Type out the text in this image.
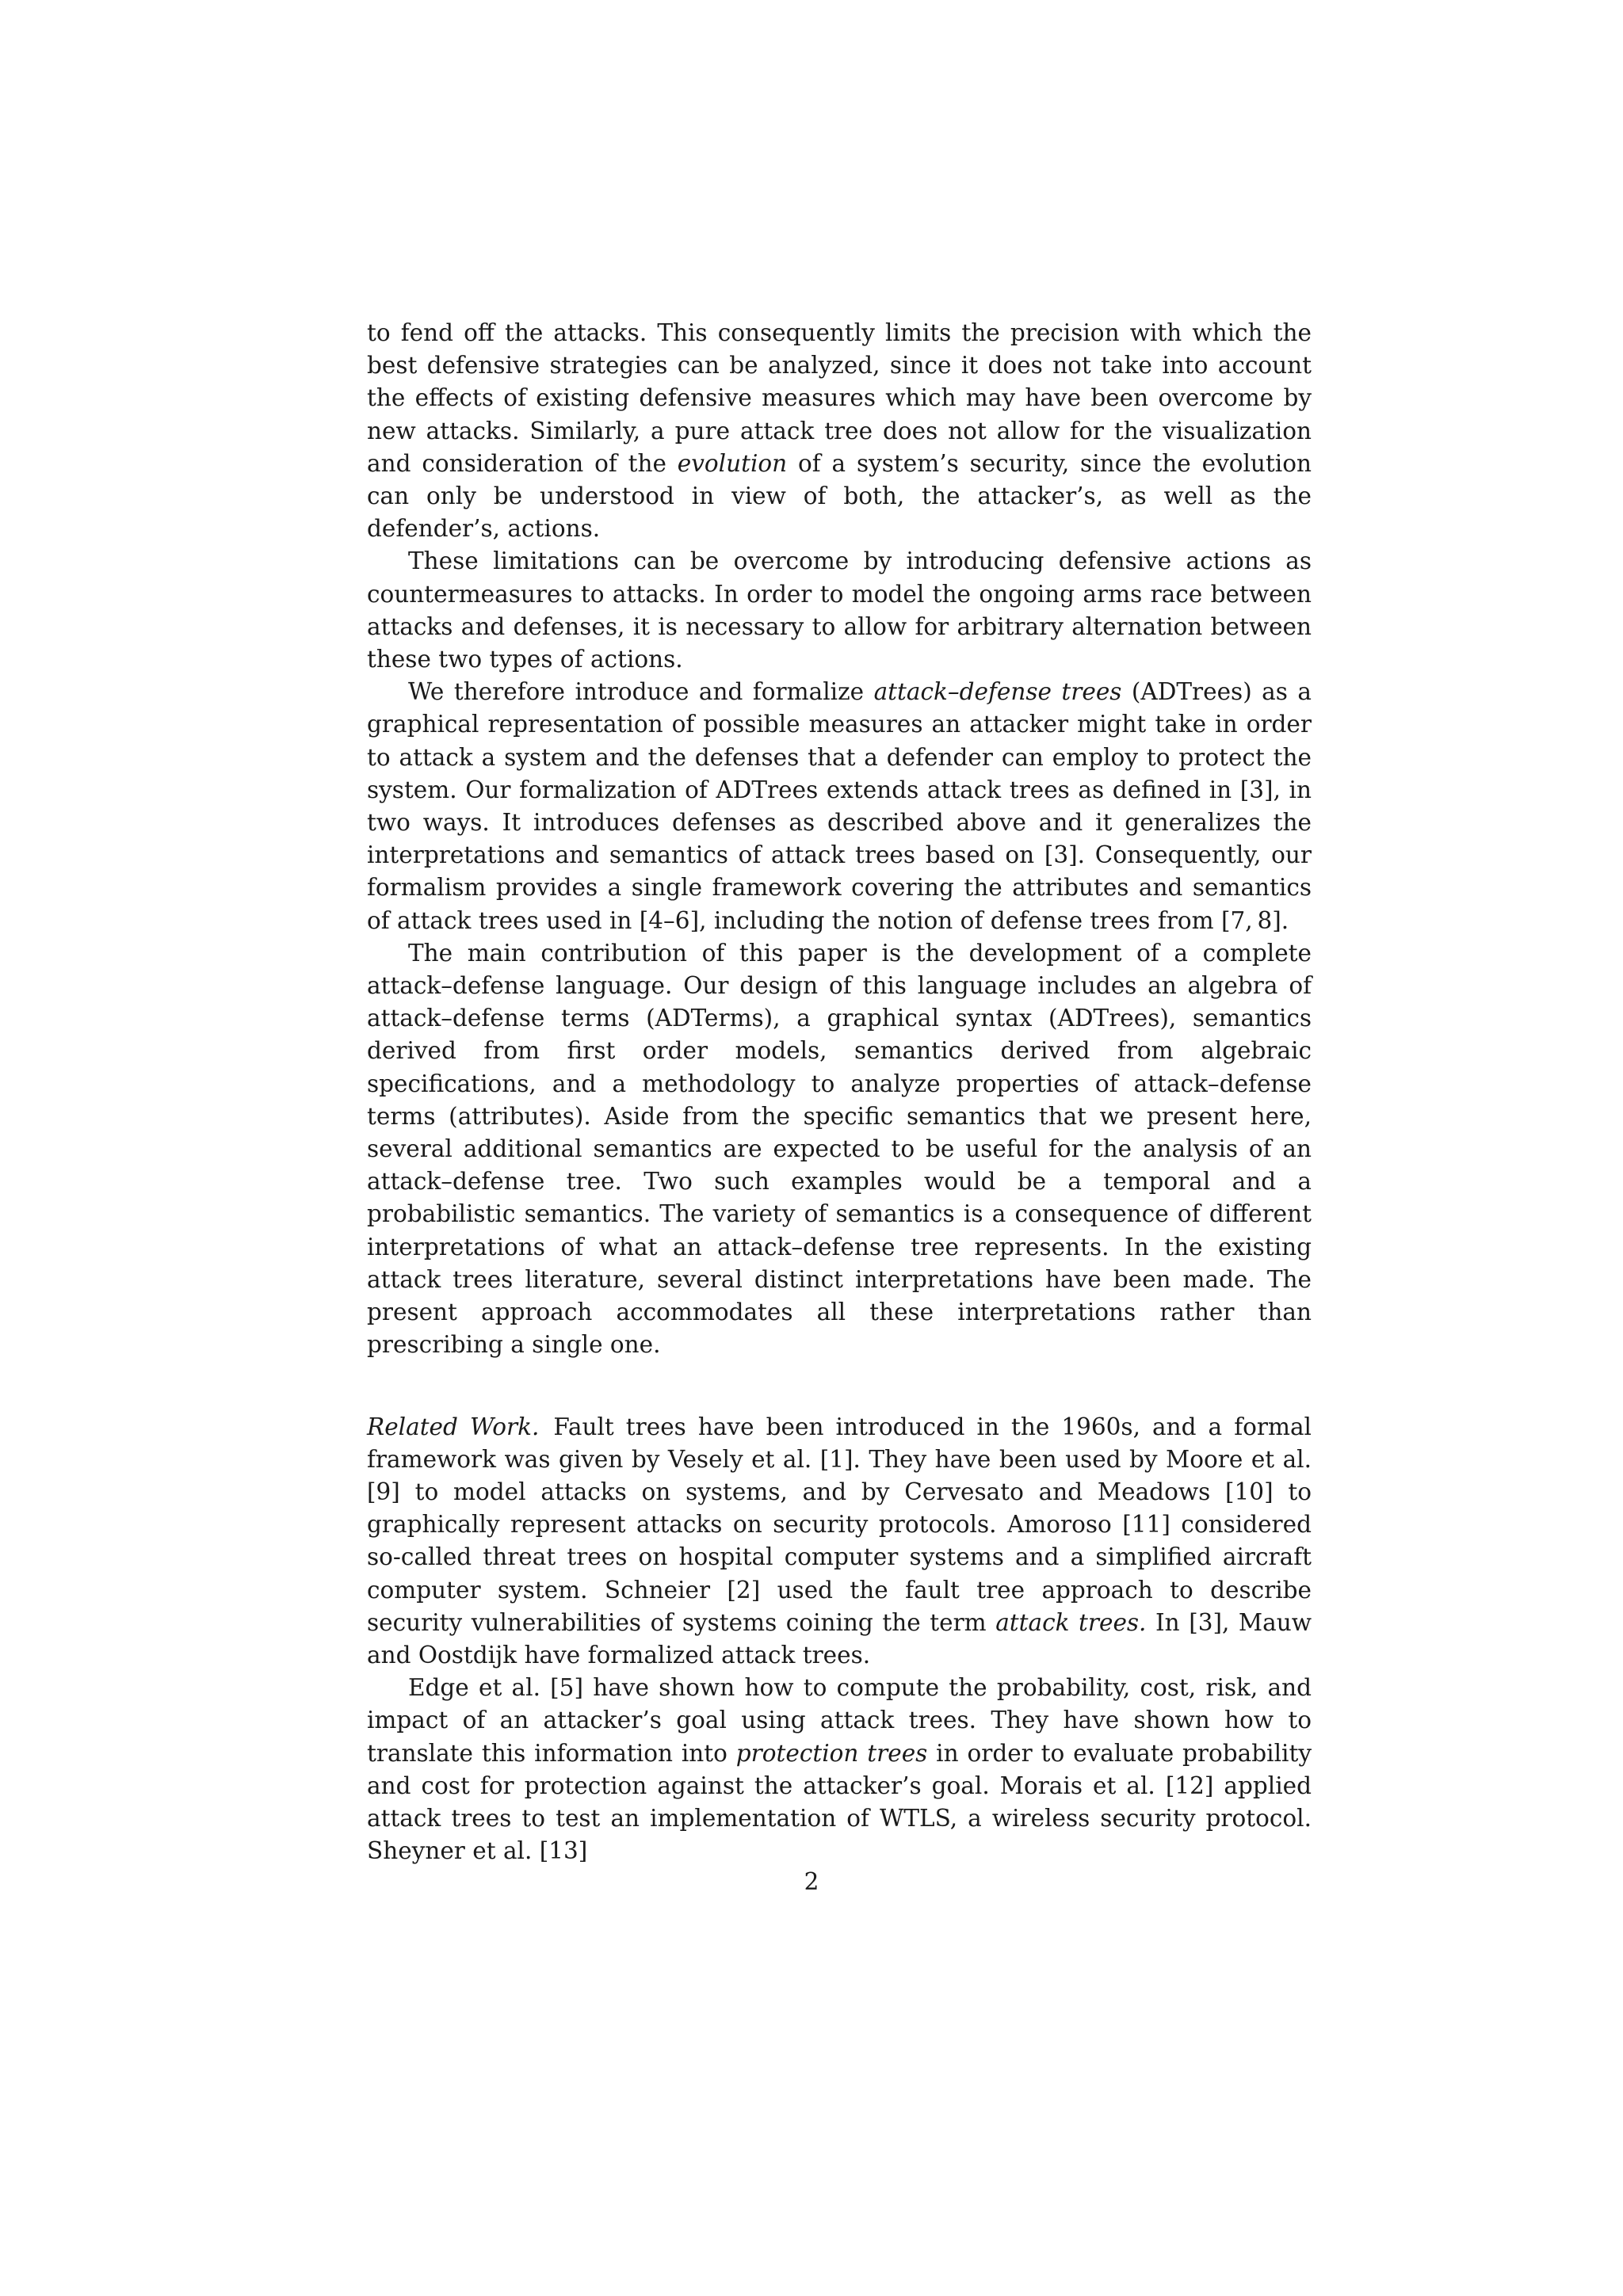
to fend off the attacks. This consequently limits the precision with which the best defensive strategies can be analyzed, since it does not take into account the effects of existing defensive measures which may have been overcome by new attacks. Similarly, a pure attack tree does not allow for the visualization and consideration of the evolution of a system’s security, since the evolution can only be understood in view of both, the attacker’s, as well as the defender’s, actions.

These limitations can be overcome by introducing defensive actions as countermeasures to attacks. In order to model the ongoing arms race between attacks and defenses, it is necessary to allow for arbitrary alternation between these two types of actions.

We therefore introduce and formalize attack–defense trees (ADTrees) as a graphical representation of possible measures an attacker might take in order to attack a system and the defenses that a defender can employ to protect the system. Our formalization of ADTrees extends attack trees as defined in [3], in two ways. It introduces defenses as described above and it generalizes the interpretations and semantics of attack trees based on [3]. Consequently, our formalism provides a single framework covering the attributes and semantics of attack trees used in [4–6], including the notion of defense trees from [7, 8].

The main contribution of this paper is the development of a complete attack–defense language. Our design of this language includes an algebra of attack–defense terms (ADTerms), a graphical syntax (ADTrees), semantics derived from first order models, semantics derived from algebraic specifications, and a methodology to analyze properties of attack–defense terms (attributes). Aside from the specific semantics that we present here, several additional semantics are expected to be useful for the analysis of an attack–defense tree. Two such examples would be a temporal and a probabilistic semantics. The variety of semantics is a consequence of different interpretations of what an attack–defense tree represents. In the existing attack trees literature, several distinct interpretations have been made. The present approach accommodates all these interpretations rather than prescribing a single one.

Related Work. Fault trees have been introduced in the 1960s, and a formal framework was given by Vesely et al. [1]. They have been used by Moore et al. [9] to model attacks on systems, and by Cervesato and Meadows [10] to graphically represent attacks on security protocols. Amoroso [11] considered so-called threat trees on hospital computer systems and a simplified aircraft computer system. Schneier [2] used the fault tree approach to describe security vulnerabilities of systems coining the term attack trees. In [3], Mauw and Oostdijk have formalized attack trees.

Edge et al. [5] have shown how to compute the probability, cost, risk, and impact of an attacker’s goal using attack trees. They have shown how to translate this information into protection trees in order to evaluate probability and cost for protection against the attacker’s goal. Morais et al. [12] applied attack trees to test an implementation of WTLS, a wireless security protocol. Sheyner et al. [13]

2
